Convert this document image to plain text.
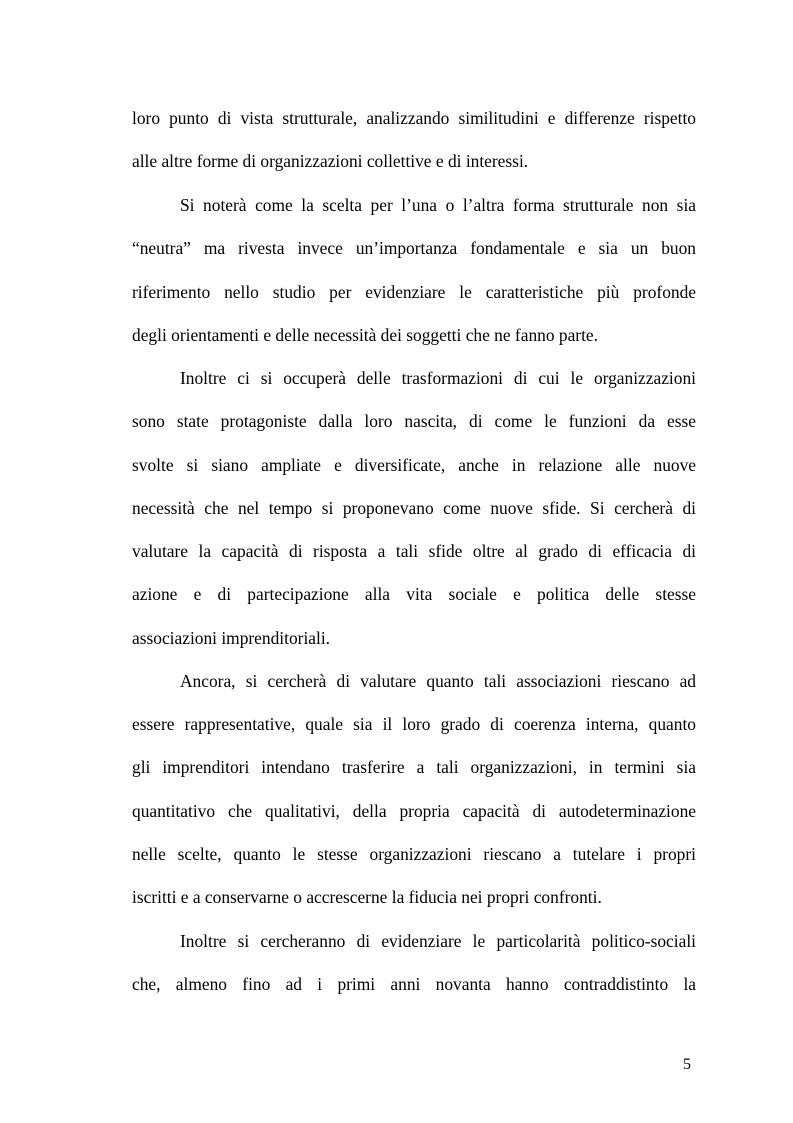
loro punto di vista strutturale, analizzando similitudini e differenze rispetto
alle altre forme di organizzazioni collettive e di interessi.
Si noterà come la scelta per l’una o l’altra forma strutturale non sia
“neutra” ma rivesta invece un’importanza fondamentale e sia un buon
riferimento nello studio per evidenziare le caratteristiche più profonde
degli orientamenti e delle necessità dei soggetti che ne fanno parte.
Inoltre ci si occuperà delle trasformazioni di cui le organizzazioni
sono state protagoniste dalla loro nascita, di come le funzioni da esse
svolte si siano ampliate e diversificate, anche in relazione alle nuove
necessità che nel tempo si proponevano come nuove sfide. Si cercherà di
valutare la capacità di risposta a tali sfide oltre al grado di efficacia di
azione e di partecipazione alla vita sociale e politica delle stesse
associazioni imprenditoriali.
Ancora, si cercherà di valutare quanto tali associazioni riescano ad
essere rappresentative, quale sia il loro grado di coerenza interna, quanto
gli imprenditori intendano trasferire a tali organizzazioni, in termini sia
quantitativo che qualitativi, della propria capacità di autodeterminazione
nelle scelte, quanto le stesse organizzazioni riescano a tutelare i propri
iscritti e a conservarne o accrescerne la fiducia nei propri confronti.
Inoltre si cercheranno di evidenziare le particolarità politico-sociali
che, almeno fino ad i primi anni novanta hanno contraddistinto la
5
